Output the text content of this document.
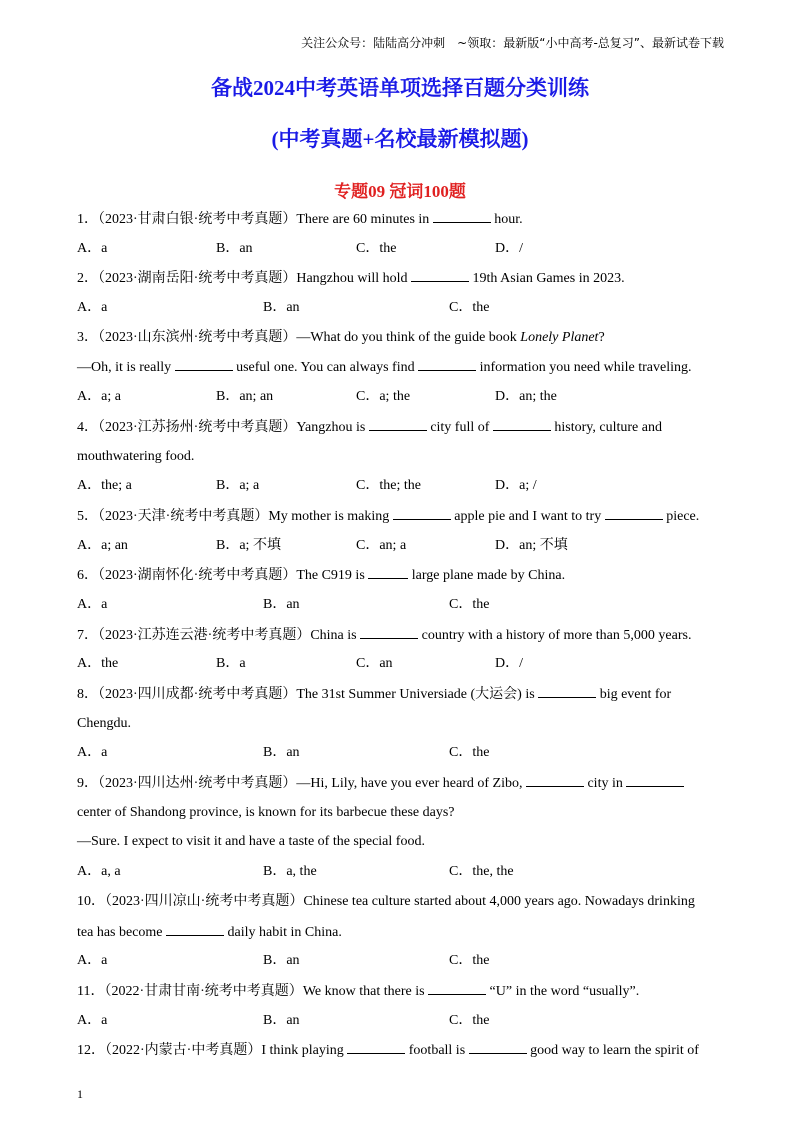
关注公众号：陆陆高分冲刺　~领取：最新版“小中高考-总复习”、最新试卷下载
备战2024中考英语单项选择百题分类训练
(中考真题+名校最新模拟题)
专题09 冠词100题
1．（2023·甘肃白银·统考中考真题）There are 60 minutes in	hour.
A．a	B．an	C．the	D．/
2．（2023·湖南岳阳·统考中考真题）Hangzhou will hold	19th Asian Games in 2023.
A．a	B．an	C．the
3．（2023·山东滨州·统考中考真题）—What do you think of the guide book Lonely Planet?
—Oh, it is really	useful one. You can always find	information you need while traveling.
A．a; a	B．an; an	C．a; the	D．an; the
4．（2023·江苏扬州·统考中考真题）Yangzhou is	city full of	history, culture and
mouthwatering food.
A．the; a	B．a; a	C．the; the	D．a; /
5．（2023·天津·统考中考真题）My mother is making	apple pie and I want to try	piece.
A．a; an	B．a; 不填	C．an; a	D．an; 不填
6．（2023·湖南怀化·统考中考真题）The C919 is	large plane made by China.
A．a	B．an	C．the
7．（2023·江苏连云港·统考中考真题）China is	country with a history of more than 5,000 years.
A．the	B．a	C．an	D．/
8．（2023·四川成都·统考中考真题）The 31st Summer Universiade (大运会) is	big event for
Chengdu.
A．a	B．an	C．the
9．（2023·四川达州·统考中考真题）—Hi, Lily, have you ever heard of Zibo,	city in
center of Shandong province, is known for its barbecue these days?
—Sure. I expect to visit it and have a taste of the special food.
A．a, a	B．a, the	C．the, the
10．（2023·四川凉山·统考中考真题）Chinese tea culture started about 4,000 years ago. Nowadays drinking
tea has become	daily habit in China.
A．a	B．an	C．the
11．（2022·甘肃甘南·统考中考真题）We know that there is	“U” in the word “usually”.
A．a	B．an	C．the
12．（2022·内蒙古·中考真题）I think playing	football is	good way to learn the spirit of
1
